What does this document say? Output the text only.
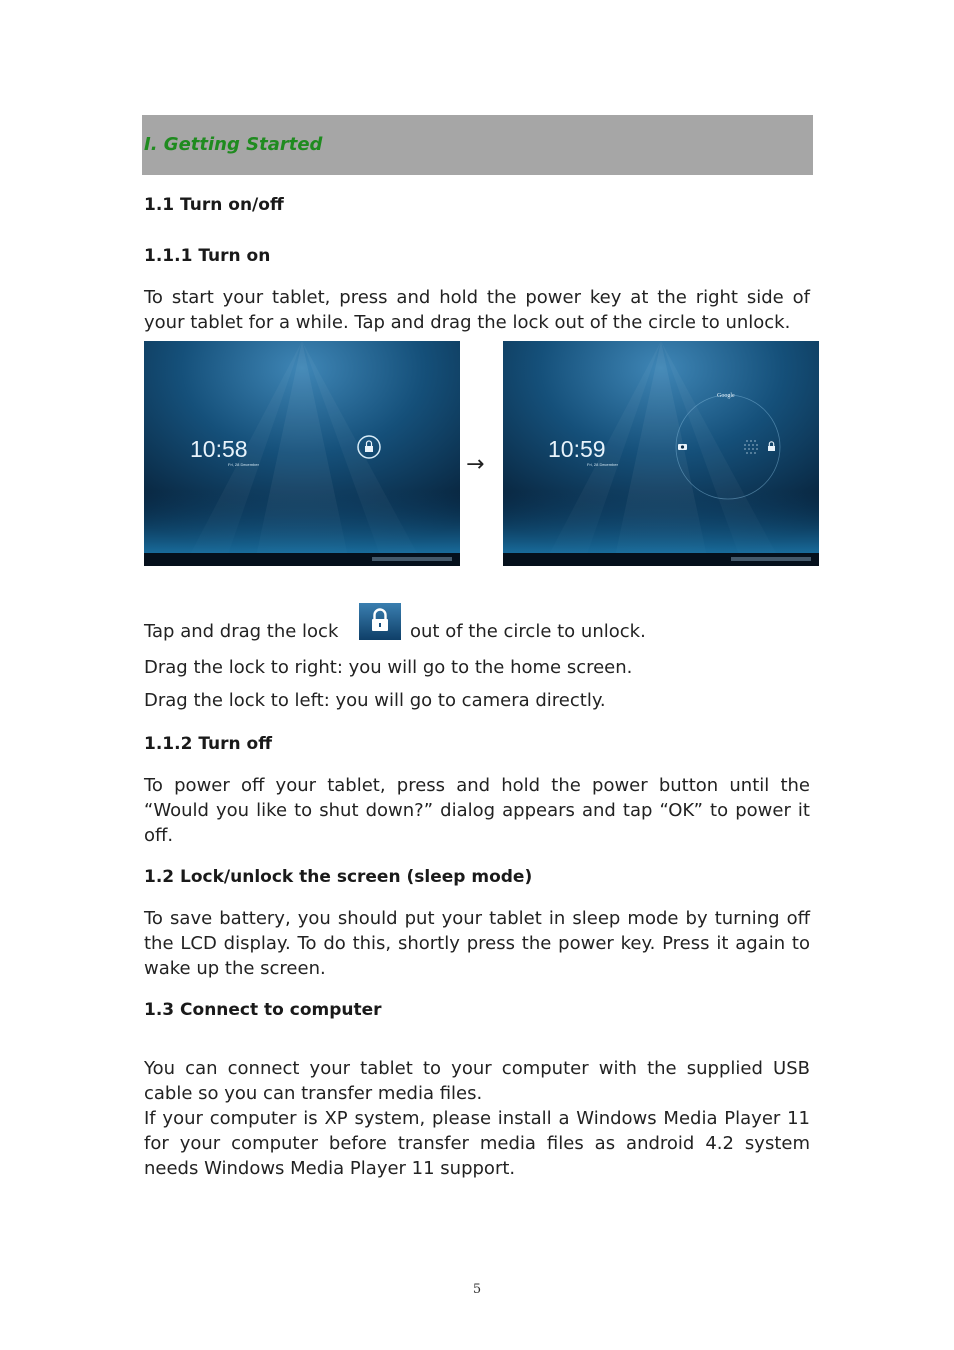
I. Getting Started
1.1 Turn on/off
1.1.1 Turn on
To start your tablet, press and hold the power key at the right side of your tablet for a while. Tap and drag the lock out of the circle to unlock.
10:58
Fri, 28 December	→
10:59
Fri, 28 December
Google
Tap and drag the lock	out of the circle to unlock.
Drag the lock to right: you will go to the home screen.
Drag the lock to left: you will go to camera directly.
1.1.2 Turn off
To power off your tablet, press and hold the power button until the “Would you like to shut down?” dialog appears and tap “OK” to power it off.
1.2 Lock/unlock the screen (sleep mode)
To save battery, you should put your tablet in sleep mode by turning off the LCD display. To do this, shortly press the power key. Press it again to wake up the screen.
1.3 Connect to computer
You can connect your tablet to your computer with the supplied USB cable so you can transfer media files.
If your computer is XP system, please install a Windows Media Player 11 for your computer before transfer media files as android 4.2 system needs Windows Media Player 11 support.
5
